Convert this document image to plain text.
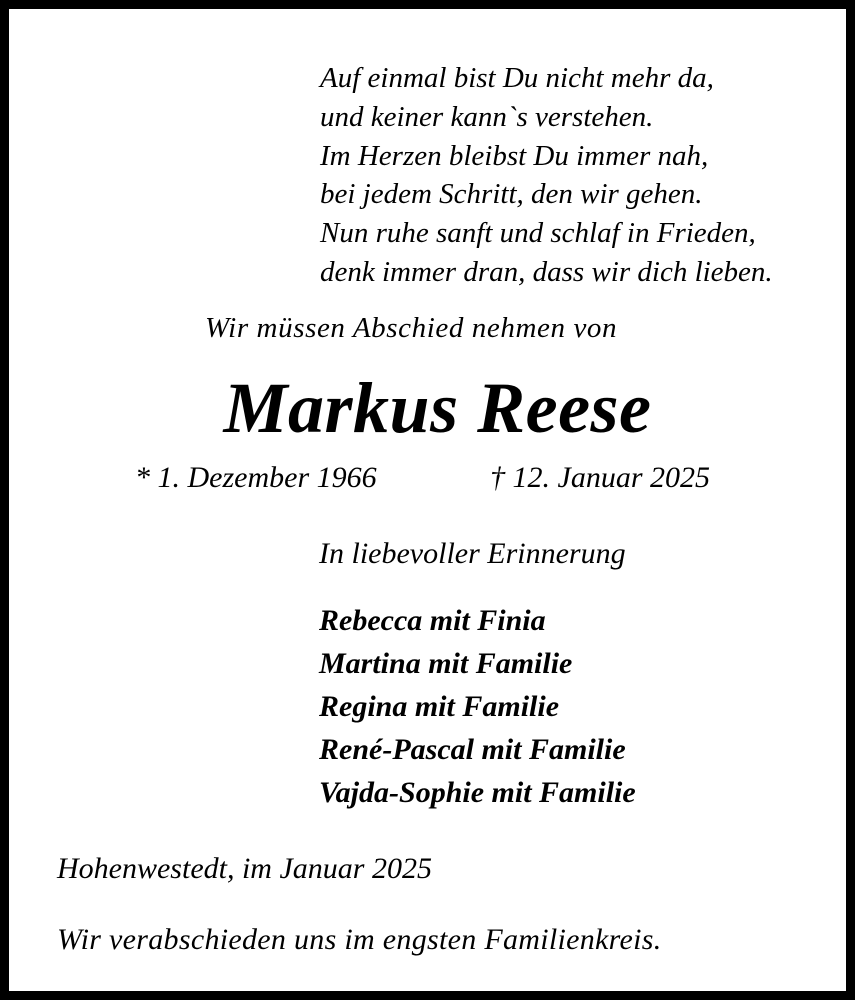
Auf einmal bist Du nicht mehr da,
und keiner kann`s verstehen.
Im Herzen bleibst Du immer nah,
bei jedem Schritt, den wir gehen.
Nun ruhe sanft und schlaf in Frieden,
denk immer dran, dass wir dich lieben.
Wir müssen Abschied nehmen von
Markus Reese
* 1. Dezember 1966	† 12. Januar 2025
In liebevoller Erinnerung
Rebecca mit Finia
Martina mit Familie
Regina mit Familie
René-Pascal mit Familie
Vajda-Sophie mit Familie
Hohenwestedt, im Januar 2025
Wir verabschieden uns im engsten Familienkreis.
